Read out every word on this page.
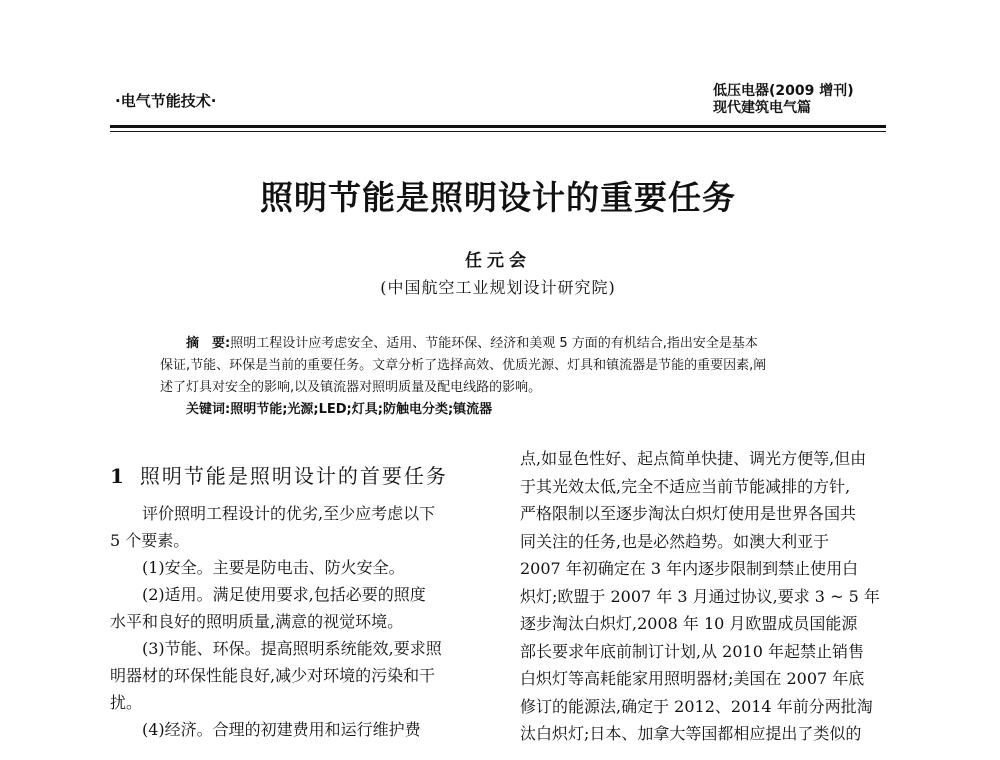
·电气节能技术·
低压电器(2009 增刊)
现代建筑电气篇
照明节能是照明设计的重要任务
任元会
(中国航空工业规划设计研究院)
摘　要:照明工程设计应考虑安全、适用、节能环保、经济和美观 5 方面的有机结合,指出安全是基本
保证,节能、环保是当前的重要任务。文章分析了选择高效、优质光源、灯具和镇流器是节能的重要因素,阐
述了灯具对安全的影响,以及镇流器对照明质量及配电线路的影响。
关键词:照明节能;光源;LED;灯具;防触电分类;镇流器
1 照明节能是照明设计的首要任务
评价照明工程设计的优劣,至少应考虑以下
5 个要素。
(1)安全。主要是防电击、防火安全。
(2)适用。满足使用要求,包括必要的照度
水平和良好的照明质量,满意的视觉环境。
(3)节能、环保。提高照明系统能效,要求照
明器材的环保性能良好,减少对环境的污染和干
扰。
(4)经济。合理的初建费用和运行维护费
点,如显色性好、起点简单快捷、调光方便等,但由
于其光效太低,完全不适应当前节能减排的方针,
严格限制以至逐步淘汰白炽灯使用是世界各国共
同关注的任务,也是必然趋势。如澳大利亚于
2007 年初确定在 3 年内逐步限制到禁止使用白
炽灯;欧盟于 2007 年 3 月通过协议,要求 3 ~ 5 年
逐步淘汰白炽灯,2008 年 10 月欧盟成员国能源
部长要求年底前制订计划,从 2010 年起禁止销售
白炽灯等高耗能家用照明器材;美国在 2007 年底
修订的能源法,确定于 2012、2014 年前分两批淘
汰白炽灯;日本、加拿大等国都相应提出了类似的
